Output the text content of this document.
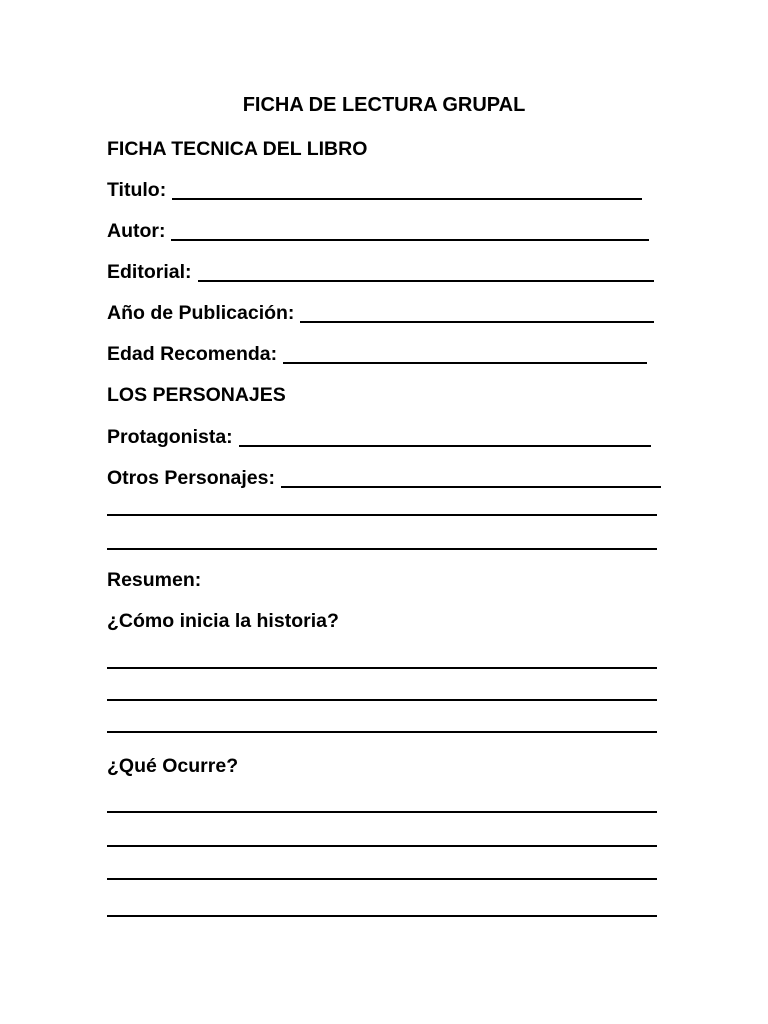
FICHA DE LECTURA GRUPAL
FICHA TECNICA DEL LIBRO
Titulo:
Autor:
Editorial:
Año de Publicación:
Edad Recomenda:
LOS PERSONAJES
Protagonista:
Otros Personajes:
Resumen:
¿Cómo inicia la historia?
¿Qué Ocurre?
